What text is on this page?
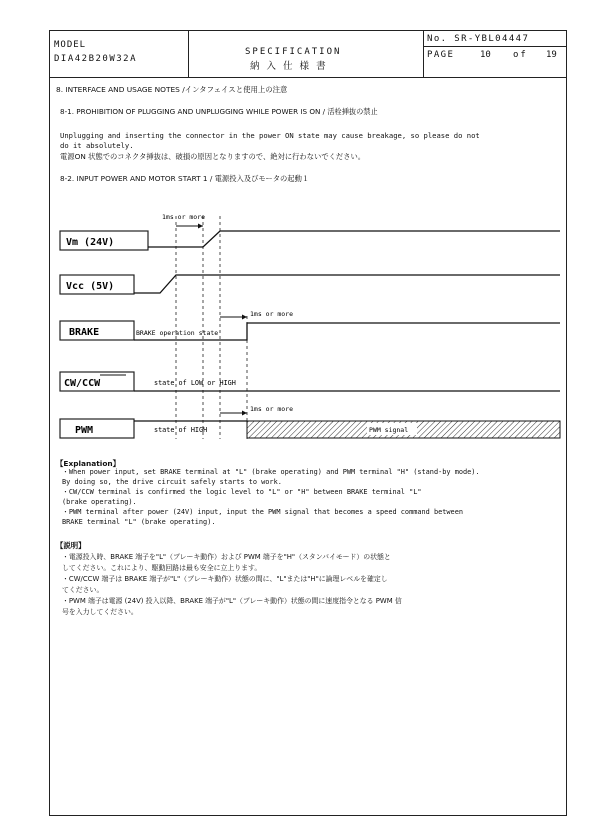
MODEL
DIA42B20W32A
SPECIFICATION
納 入 仕 様 書
No. SR-YBL04447
PAGE	10 of 19
8. INTERFACE AND USAGE NOTES /インタフェイスと使用上の注意
8-1. PROHIBITION OF PLUGGING AND UNPLUGGING WHILE POWER IS ON / 活栓挿抜の禁止
Unplugging and inserting the connector in the power ON state may cause breakage, so please do not
do it absolutely.
電源ON 状態でのコネクタ挿抜は、破損の原因となりますので、絶対に行わないでください。
8-2. INPUT POWER AND MOTOR START 1 / 電源投入及びモータの起動１
Vm (24V)
Vcc (5V)
BRAKE
CW/CCW
PWM
1ms or more
1ms or more
BRAKE operation state
state of LOW or HIGH
1ms or more
state of HIGH	PWM signal
【Explanation】
・When power input, set BRAKE terminal at "L" (brake operating) and PWM terminal "H" (stand-by mode).
By doing so, the drive circuit safely starts to work.
・CW/CCW terminal is confirmed the logic level to "L" or "H" between BRAKE terminal "L"
(brake operating).
・PWM terminal after power (24V) input, input the PWM signal that becomes a speed command between
BRAKE terminal "L" (brake operating).
【説明】
・電源投入時、BRAKE 端子を"L"（ブレーキ動作）および PWM 端子を"H"（スタンバイモード）の状態と
してください。これにより、駆動回路は最も安全に立上ります。
・CW/CCW 端子は BRAKE 端子が"L"（ブレーキ動作）状態の間に、"L"または"H"に論理レベルを確定し
てください。
・PWM 端子は電源 (24V) 投入以降、BRAKE 端子が"L"（ブレーキ動作）状態の間に速度指令となる PWM 信
号を入力してください。
